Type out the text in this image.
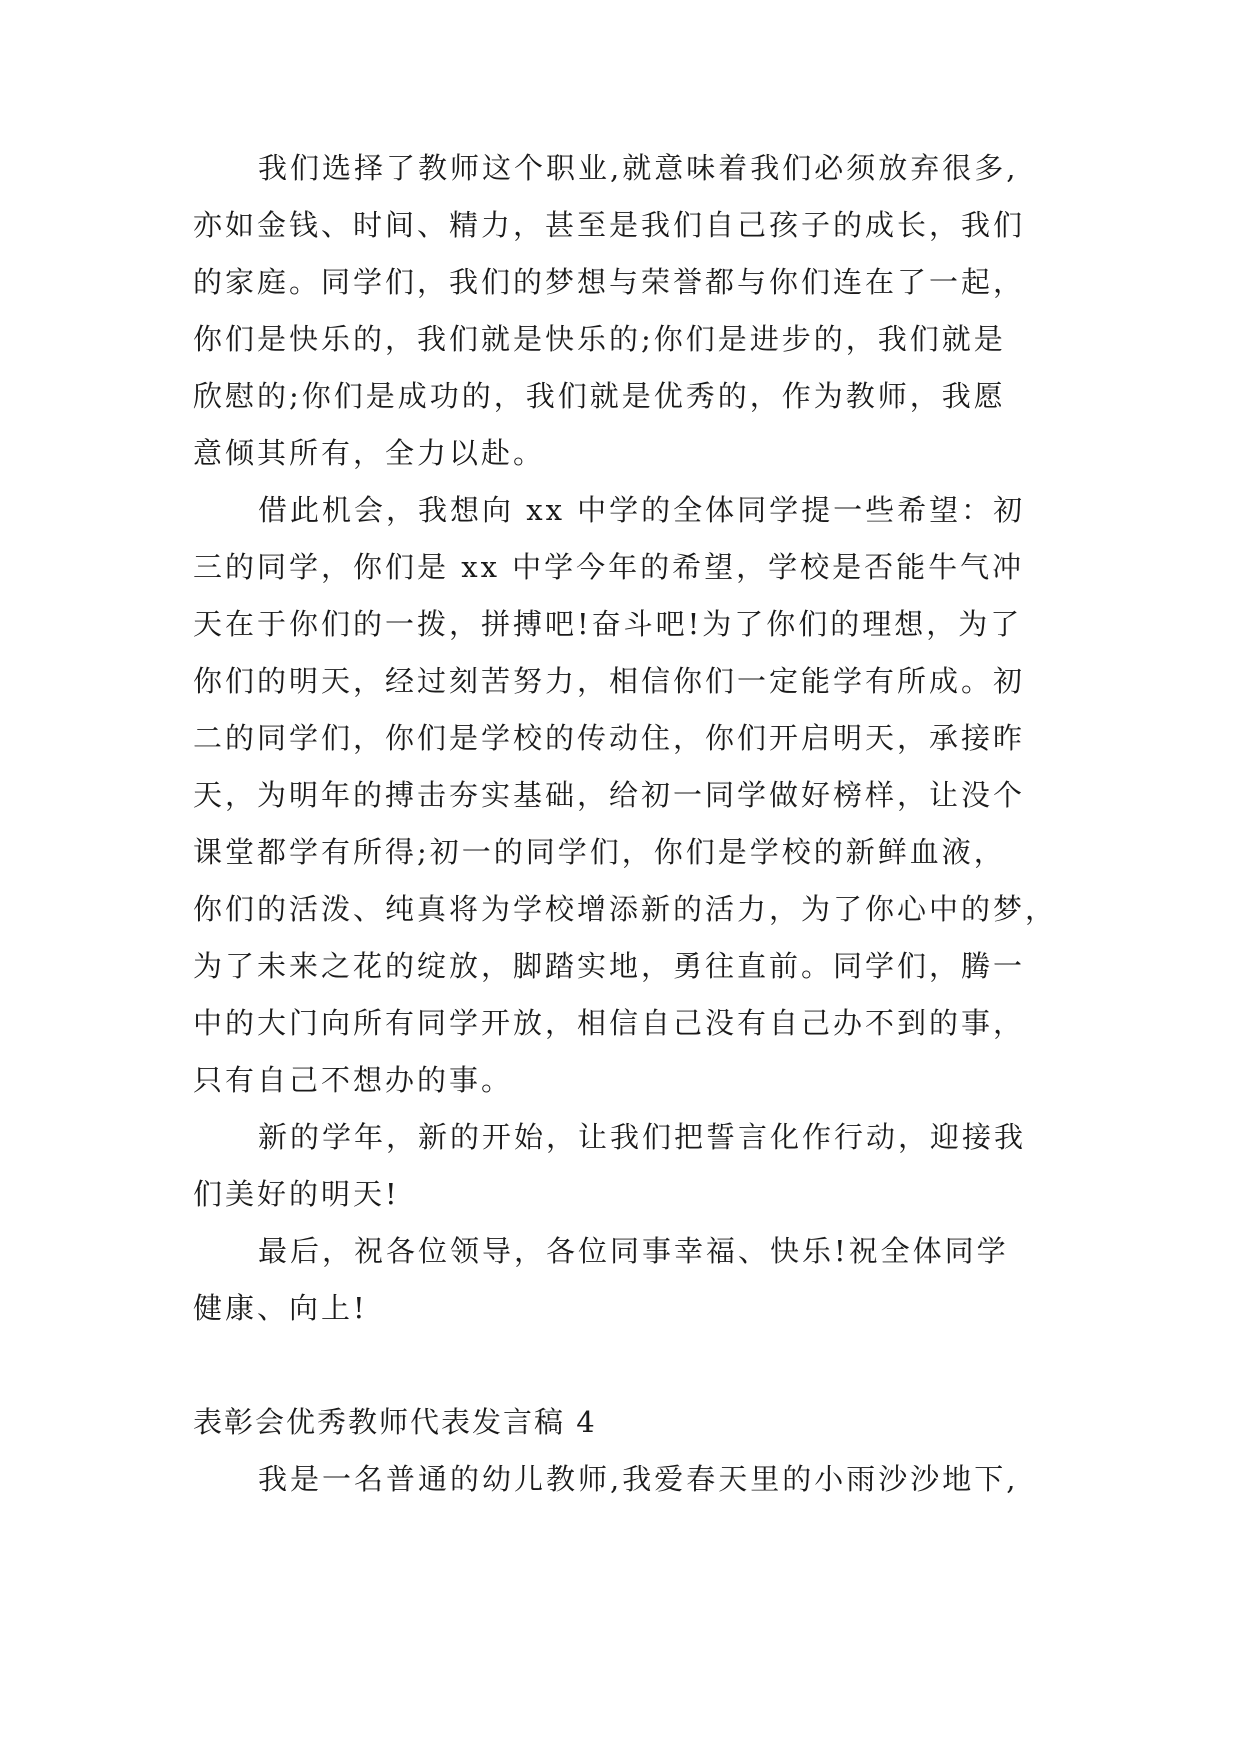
我们选择了教师这个职业,就意味着我们必须放弃很多,
亦如金钱、时间、精力，甚至是我们自己孩子的成长，我们
的家庭。同学们，我们的梦想与荣誉都与你们连在了一起，
你们是快乐的，我们就是快乐的;你们是进步的，我们就是
欣慰的;你们是成功的，我们就是优秀的，作为教师，我愿
意倾其所有，全力以赴。
借此机会，我想向 xx 中学的全体同学提一些希望：初
三的同学，你们是 xx 中学今年的希望，学校是否能牛气冲
天在于你们的一拨，拼搏吧!奋斗吧!为了你们的理想，为了
你们的明天，经过刻苦努力，相信你们一定能学有所成。初
二的同学们，你们是学校的传动住，你们开启明天，承接昨
天，为明年的搏击夯实基础，给初一同学做好榜样，让没个
课堂都学有所得;初一的同学们，你们是学校的新鲜血液，
你们的活泼、纯真将为学校增添新的活力，为了你心中的梦，
为了未来之花的绽放，脚踏实地，勇往直前。同学们，腾一
中的大门向所有同学开放，相信自己没有自己办不到的事，
只有自己不想办的事。
新的学年，新的开始，让我们把誓言化作行动，迎接我
们美好的明天!
最后，祝各位领导，各位同事幸福、快乐!祝全体同学
健康、向上!
表彰会优秀教师代表发言稿 4
我是一名普通的幼儿教师,我爱春天里的小雨沙沙地下,
